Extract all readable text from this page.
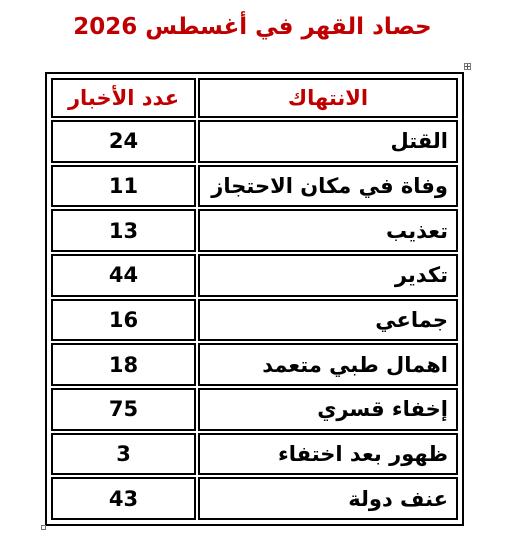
حصاد القهر في أغسطس 2026
الانتهاك	عدد الأخبار
القتل	24
وفاة في مكان الاحتجاز	11
تعذيب	13
تكدير	44
جماعي	16
اهمال طبي متعمد	18
إخفاء قسري	75
ظهور بعد اختفاء	3
عنف دولة	43
